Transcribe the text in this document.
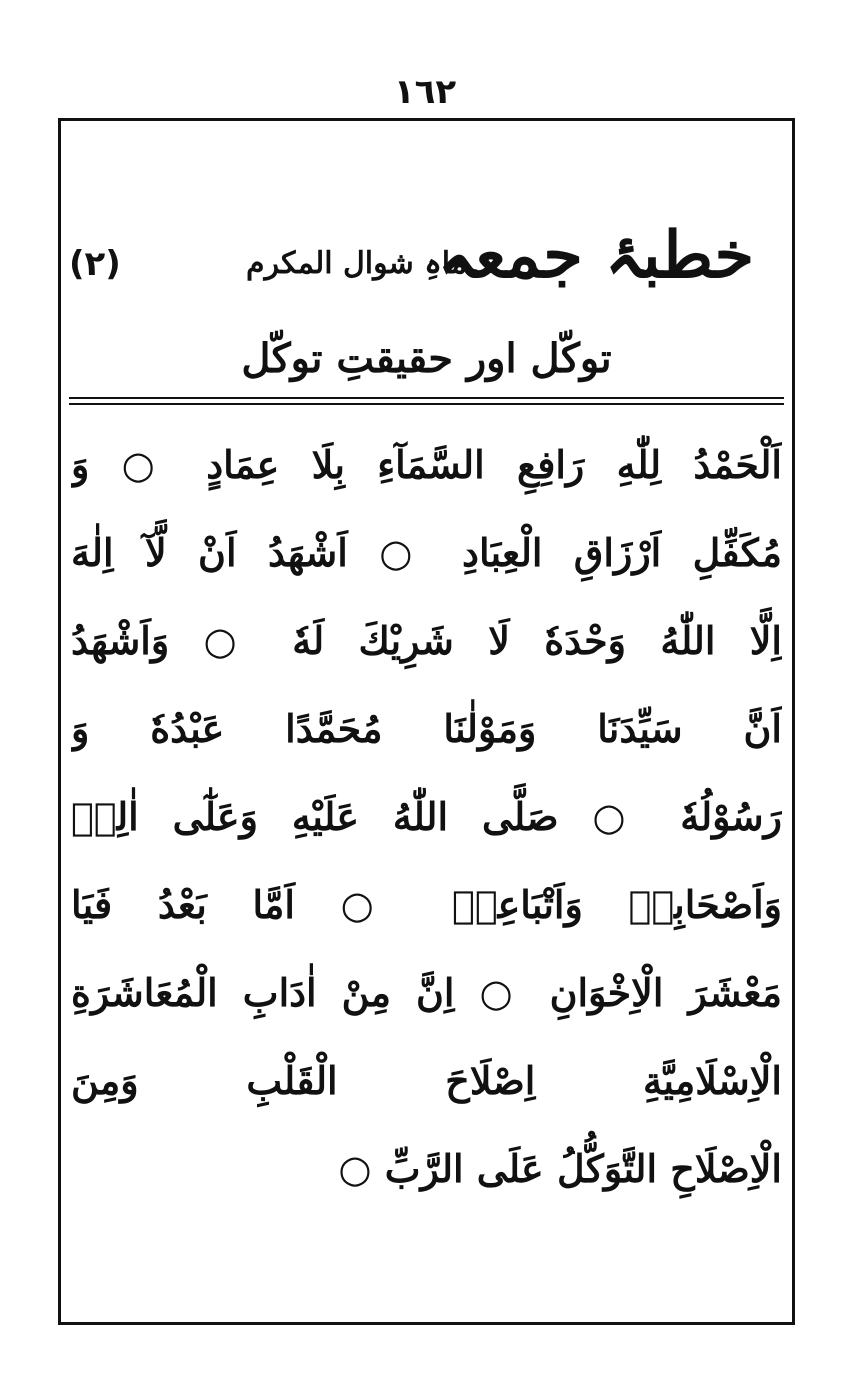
١٦٢
خطبۂ جمعہ
ماہِ شوال المکرم
(۲)
توکّل اور حقیقتِ توکّل
اَلْحَمْدُ لِلّٰهِ رَافِعِ السَّمَآءِ بِلَا عِمَادٍ ○ وَ
مُكَفِّلِ اَرْزَاقِ الْعِبَادِ ○ اَشْهَدُ اَنْ لَّآ اِلٰهَ
اِلَّا اللّٰهُ وَحْدَهٗ لَا شَرِيْكَ لَهٗ ○ وَاَشْهَدُ
اَنَّ سَيِّدَنَا وَمَوْلٰنَا مُحَمَّدًا عَبْدُهٗ وَ
رَسُوْلُهٗ ○ صَلَّى اللّٰهُ عَلَيْهِ وَعَلٰٓى اٰلِهٖ
وَاَصْحَابِهٖ وَاَتْبَاعِهٖ ○ اَمَّا بَعْدُ فَيَا
مَعْشَرَ الْاِخْوَانِ ○ اِنَّ مِنْ اٰدَابِ الْمُعَاشَرَةِ
الْاِسْلَامِيَّةِ اِصْلَاحَ الْقَلْبِ وَمِنَ
الْاِصْلَاحِ التَّوَكُّلُ عَلَى الرَّبِّ ○
